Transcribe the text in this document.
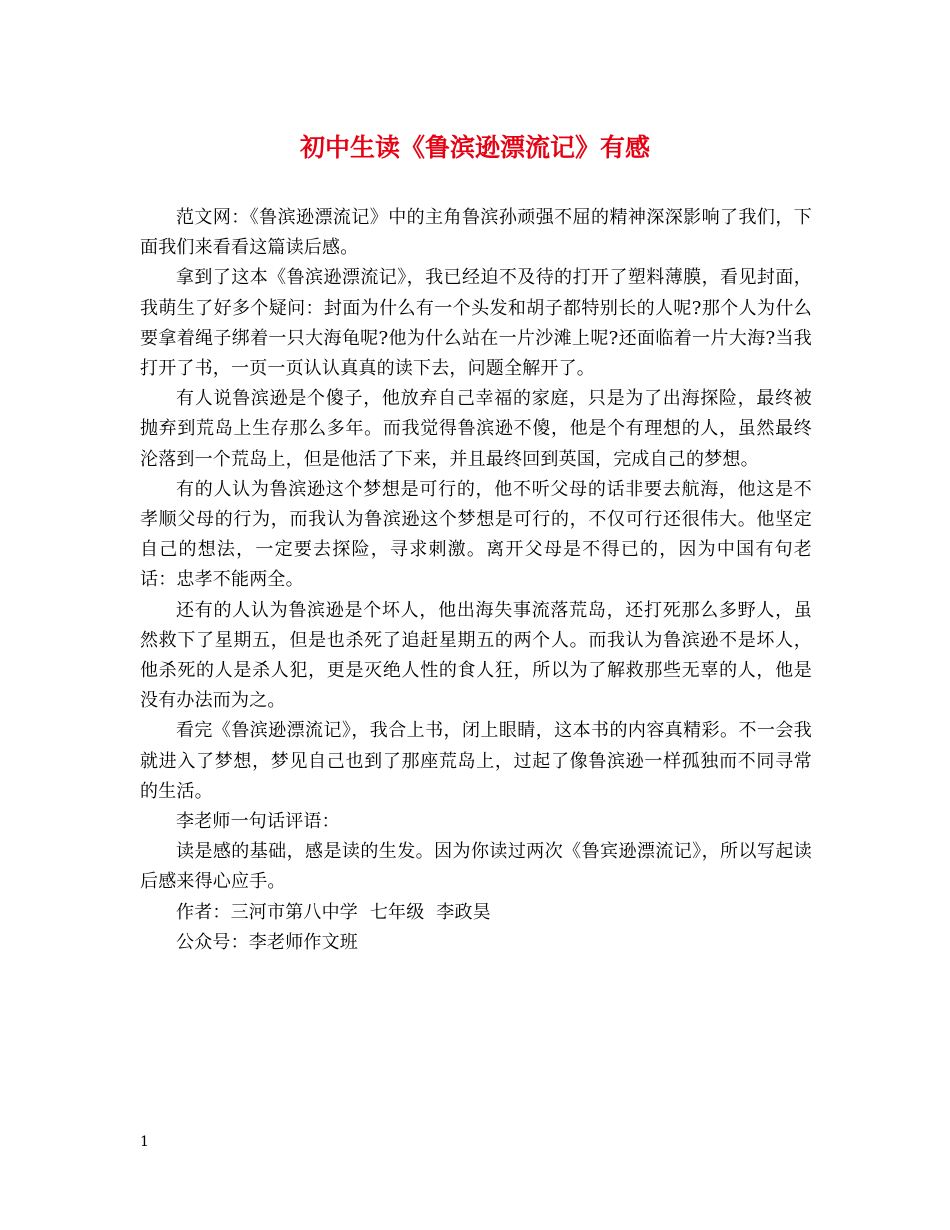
初中生读《鲁滨逊漂流记》有感

范文网：《鲁滨逊漂流记》中的主角鲁滨孙顽强不屈的精神深深影响了我们，下面我们来看看这篇读后感。

拿到了这本《鲁滨逊漂流记》，我已经迫不及待的打开了塑料薄膜，看见封面，我萌生了好多个疑问：封面为什么有一个头发和胡子都特别长的人呢?那个人为什么要拿着绳子绑着一只大海龟呢?他为什么站在一片沙滩上呢?还面临着一片大海?当我打开了书，一页一页认认真真的读下去，问题全解开了。

有人说鲁滨逊是个傻子，他放弃自己幸福的家庭，只是为了出海探险，最终被抛弃到荒岛上生存那么多年。而我觉得鲁滨逊不傻，他是个有理想的人，虽然最终沦落到一个荒岛上，但是他活了下来，并且最终回到英国，完成自己的梦想。

有的人认为鲁滨逊这个梦想是可行的，他不听父母的话非要去航海，他这是不孝顺父母的行为，而我认为鲁滨逊这个梦想是可行的，不仅可行还很伟大。他坚定自己的想法，一定要去探险，寻求刺激。离开父母是不得已的，因为中国有句老话：忠孝不能两全。

还有的人认为鲁滨逊是个坏人，他出海失事流落荒岛，还打死那么多野人，虽然救下了星期五，但是也杀死了追赶星期五的两个人。而我认为鲁滨逊不是坏人，他杀死的人是杀人犯，更是灭绝人性的食人狂，所以为了解救那些无辜的人，他是没有办法而为之。

看完《鲁滨逊漂流记》，我合上书，闭上眼睛，这本书的内容真精彩。不一会我就进入了梦想，梦见自己也到了那座荒岛上，过起了像鲁滨逊一样孤独而不同寻常的生活。

李老师一句话评语：

读是感的基础，感是读的生发。因为你读过两次《鲁宾逊漂流记》，所以写起读后感来得心应手。

作者：三河市第八中学  七年级  李政昊

公众号：李老师作文班

1
